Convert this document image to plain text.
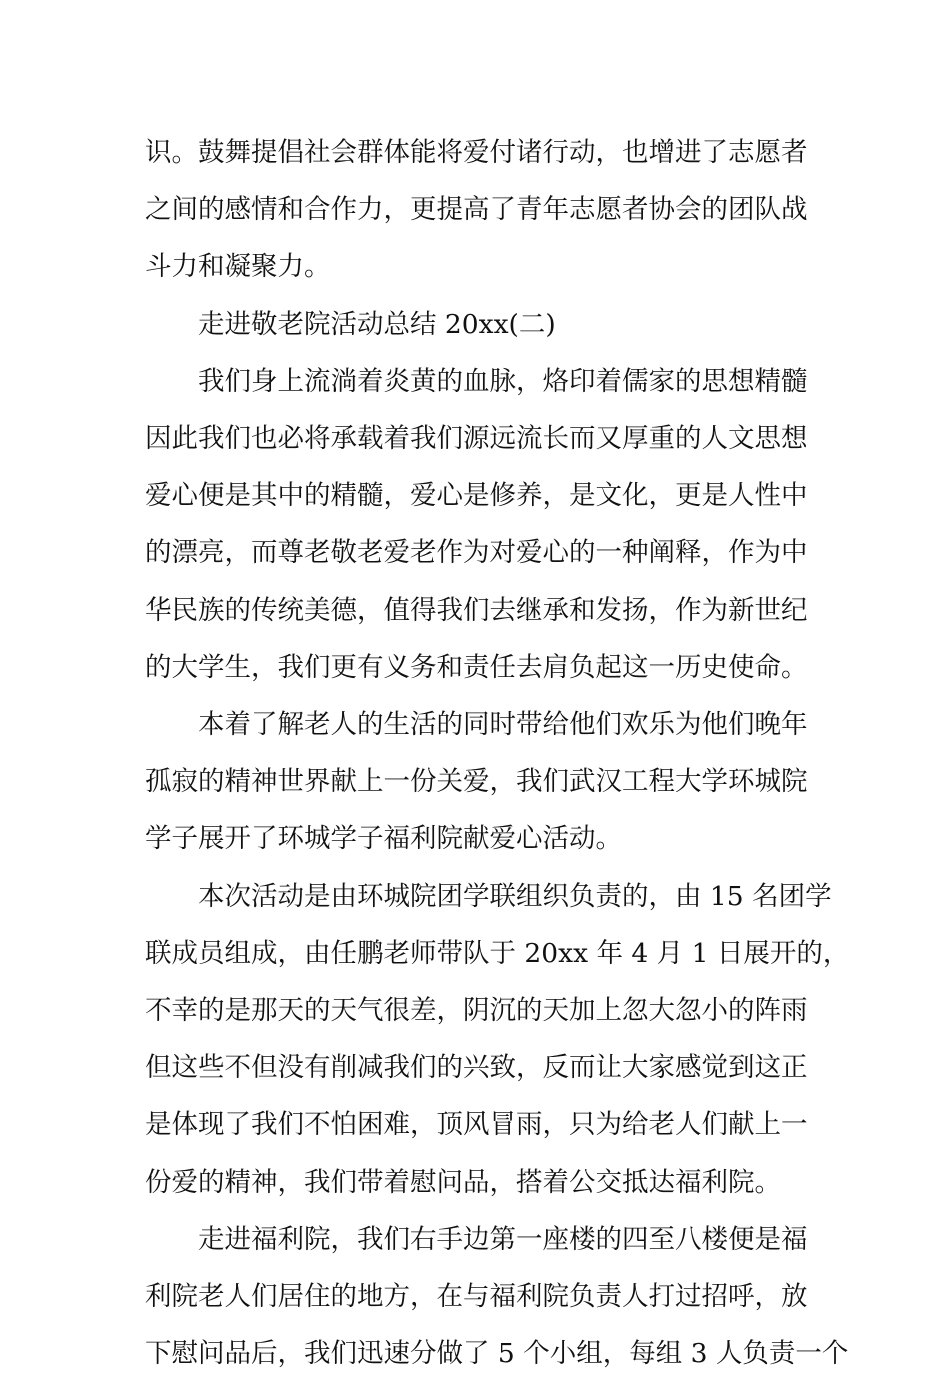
识。鼓舞提倡社会群体能将爱付诸行动，也增进了志愿者
之间的感情和合作力，更提高了青年志愿者协会的团队战
斗力和凝聚力。
走进敬老院活动总结 20xx(二)
我们身上流淌着炎黄的血脉，烙印着儒家的思想精髓
因此我们也必将承载着我们源远流长而又厚重的人文思想
爱心便是其中的精髓，爱心是修养，是文化，更是人性中
的漂亮，而尊老敬老爱老作为对爱心的一种阐释，作为中
华民族的传统美德，值得我们去继承和发扬，作为新世纪
的大学生，我们更有义务和责任去肩负起这一历史使命。
本着了解老人的生活的同时带给他们欢乐为他们晚年
孤寂的精神世界献上一份关爱，我们武汉工程大学环城院
学子展开了环城学子福利院献爱心活动。
本次活动是由环城院团学联组织负责的，由 15 名团学
联成员组成，由任鹏老师带队于 20xx 年 4 月 1 日展开的，
不幸的是那天的天气很差，阴沉的天加上忽大忽小的阵雨
但这些不但没有削减我们的兴致，反而让大家感觉到这正
是体现了我们不怕困难，顶风冒雨，只为给老人们献上一
份爱的精神，我们带着慰问品，搭着公交抵达福利院。
走进福利院，我们右手边第一座楼的四至八楼便是福
利院老人们居住的地方，在与福利院负责人打过招呼，放
下慰问品后，我们迅速分做了 5 个小组，每组 3 人负责一个
